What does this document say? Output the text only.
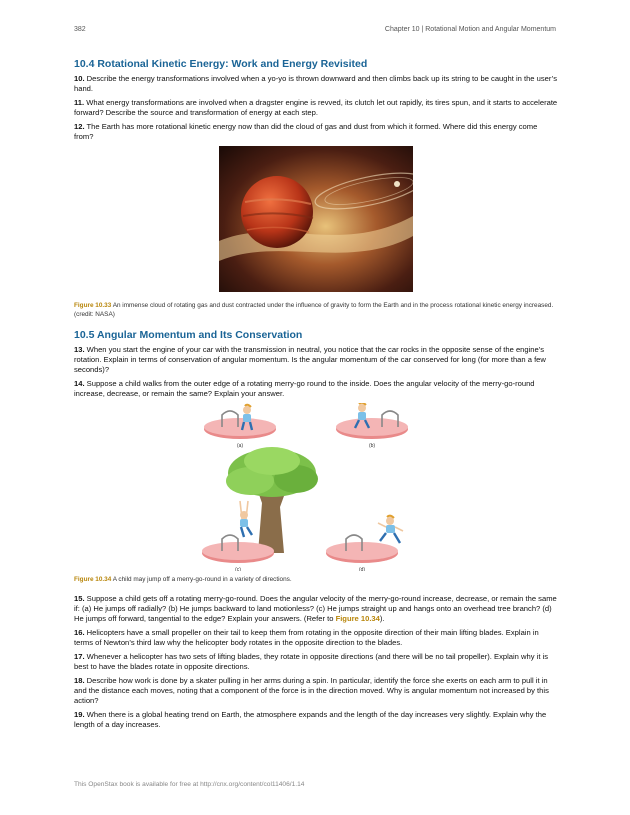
382	Chapter 10 | Rotational Motion and Angular Momentum
10.4 Rotational Kinetic Energy: Work and Energy Revisited

10. Describe the energy transformations involved when a yo-yo is thrown downward and then climbs back up its string to be caught in the user’s hand.

11. What energy transformations are involved when a dragster engine is revved, its clutch let out rapidly, its tires spun, and it starts to accelerate forward? Describe the source and transformation of energy at each step.

12. The Earth has more rotational kinetic energy now than did the cloud of gas and dust from which it formed. Where did this energy come from?

Figure 10.33 An immense cloud of rotating gas and dust contracted under the influence of gravity to form the Earth and in the process rotational kinetic energy increased. (credit: NASA)

10.5 Angular Momentum and Its Conservation

13. When you start the engine of your car with the transmission in neutral, you notice that the car rocks in the opposite sense of the engine’s rotation. Explain in terms of conservation of angular momentum. Is the angular momentum of the car conserved for long (for more than a few seconds)?

14. Suppose a child walks from the outer edge of a rotating merry-go round to the inside. Does the angular velocity of the merry-go-round increase, decrease, or remain the same? Explain your answer.

(a)	(b)
(c)	(d)

Figure 10.34 A child may jump off a merry-go-round in a variety of directions.

15. Suppose a child gets off a rotating merry-go-round. Does the angular velocity of the merry-go-round increase, decrease, or remain the same if: (a) He jumps off radially? (b) He jumps backward to land motionless? (c) He jumps straight up and hangs onto an overhead tree branch? (d) He jumps off forward, tangential to the edge? Explain your answers. (Refer to Figure 10.34).

16. Helicopters have a small propeller on their tail to keep them from rotating in the opposite direction of their main lifting blades. Explain in terms of Newton’s third law why the helicopter body rotates in the opposite direction to the blades.

17. Whenever a helicopter has two sets of lifting blades, they rotate in opposite directions (and there will be no tail propeller). Explain why it is best to have the blades rotate in opposite directions.

18. Describe how work is done by a skater pulling in her arms during a spin. In particular, identify the force she exerts on each arm to pull it in and the distance each moves, noting that a component of the force is in the direction moved. Why is angular momentum not increased by this action?

19. When there is a global heating trend on Earth, the atmosphere expands and the length of the day increases very slightly. Explain why the length of a day increases.

This OpenStax book is available for free at http://cnx.org/content/col11406/1.14
